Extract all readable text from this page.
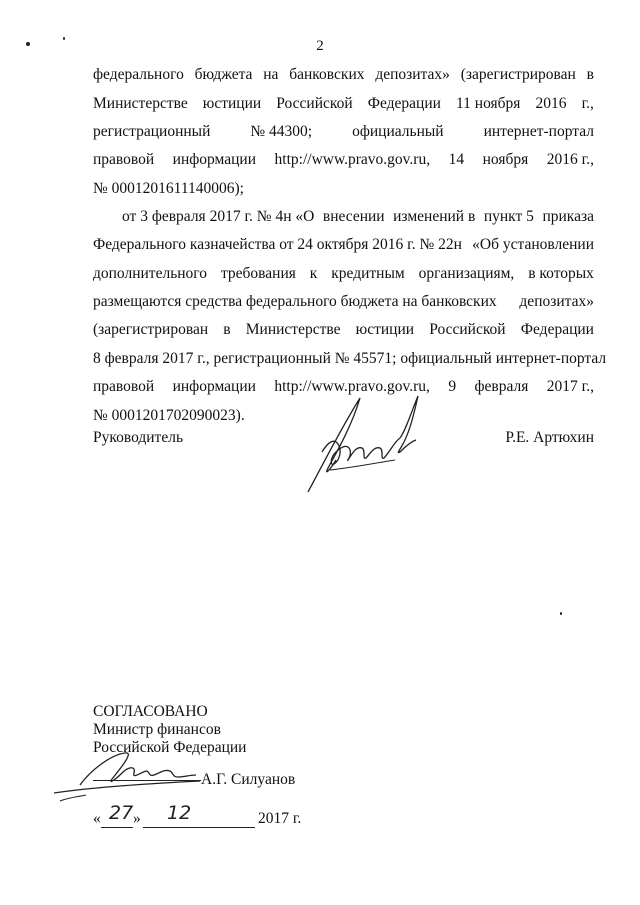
2
федерального бюджета на банковских депозитах» (зарегистрирован в
Министерстве юстиции Российской Федерации 11 ноября 2016 г.,
регистрационный	№ 44300;	официальный	интернет-портал
правовой информации http://www.pravo.gov.ru, 14 ноября 2016 г.,
№ 0001201611140006);
от 3 февраля 2017 г. № 4н «О внесении изменений в пункт 5 приказа
Федерального казначейства от 24 октября 2016 г. № 22н «Об установлении
дополнительного требования к кредитным организациям, в которых
размещаются средства федерального бюджета на банковских депозитах»
(зарегистрирован в Министерстве юстиции Российской Федерации
8 февраля 2017 г., регистрационный № 45571; официальный интернет-портал
правовой информации http://www.pravo.gov.ru, 9 февраля 2017 г.,
№ 0001201702090023).
Руководитель	Р.Е. Артюхин
СОГЛАСОВАНО
Министр финансов
Российской Федерации
А.Г. Силуанов
« 27 » 12	2017 г.
